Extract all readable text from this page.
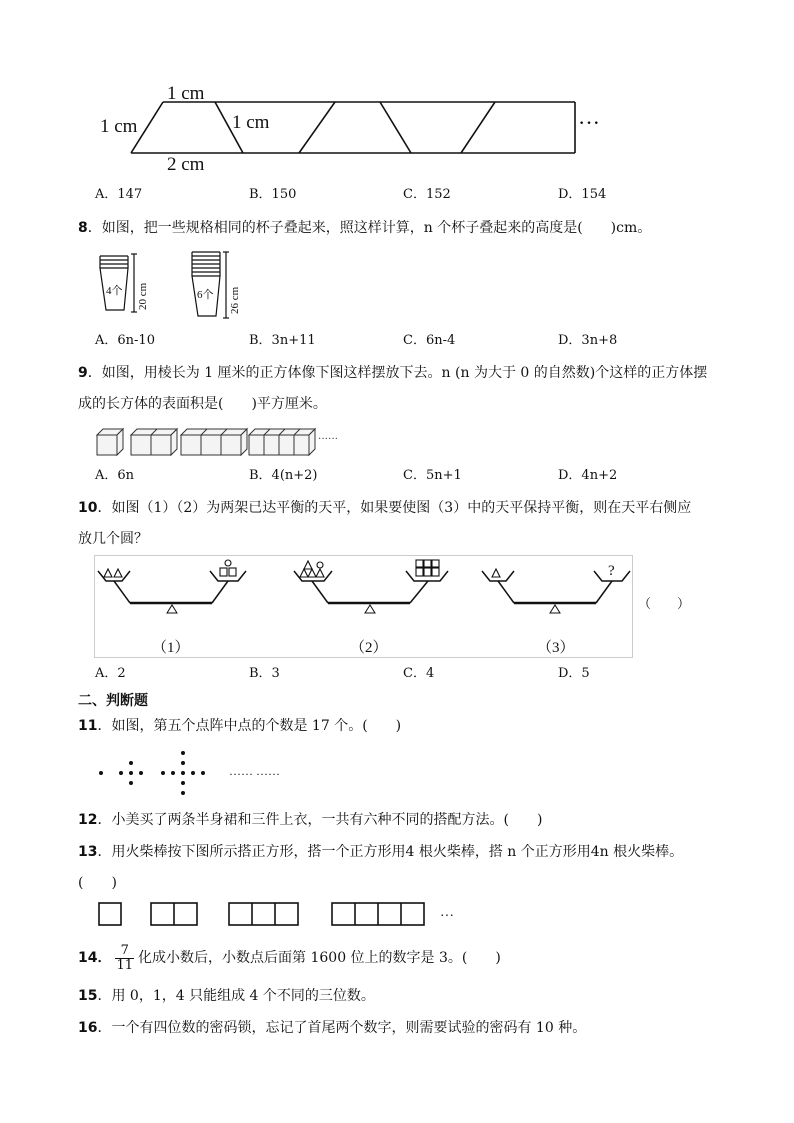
1 cm
1 cm	1 cm
2 cm
···
A．147	B．150	C．152	D．154
8．如图，把一些规格相同的杯子叠起来，照这样计算，n 个杯子叠起来的高度是(　　)cm。
4个 20 cm	6个 26 cm
A．6n-10	B．3n+11	C．6n-4	D．3n+8
9．如图，用棱长为 1 厘米的正方体像下图这样摆放下去。n (n 为大于 0 的自然数)个这样的正方体摆
成的长方体的表面积是(　　)平方厘米。
······
A．6n	B．4(n+2)	C．5n+1	D．4n+2
10．如图（1）（2）为两架已达平衡的天平，如果要使图（3）中的天平保持平衡，则在天平右侧应
放几个圆？
?
（1）	（2）	（3）
（　　）
A．2	B．3	C．4	D．5
二、判断题
11．如图，第五个点阵中点的个数是 17 个。(　　)
…… ……
12．小美买了两条半身裙和三件上衣，一共有六种不同的搭配方法。(　　)
13．用火柴棒按下图所示搭正方形，搭一个正方形用4 根火柴棒，搭 n 个正方形用4n 根火柴棒。
(　　)
···
14． $\frac{7}{11}$ 化成小数后，小数点后面第 1600 位上的数字是 3。(　　)
15．用 0，1，4 只能组成 4 个不同的三位数。
16．一个有四位数的密码锁，忘记了首尾两个数字，则需要试验的密码有 10 种。
